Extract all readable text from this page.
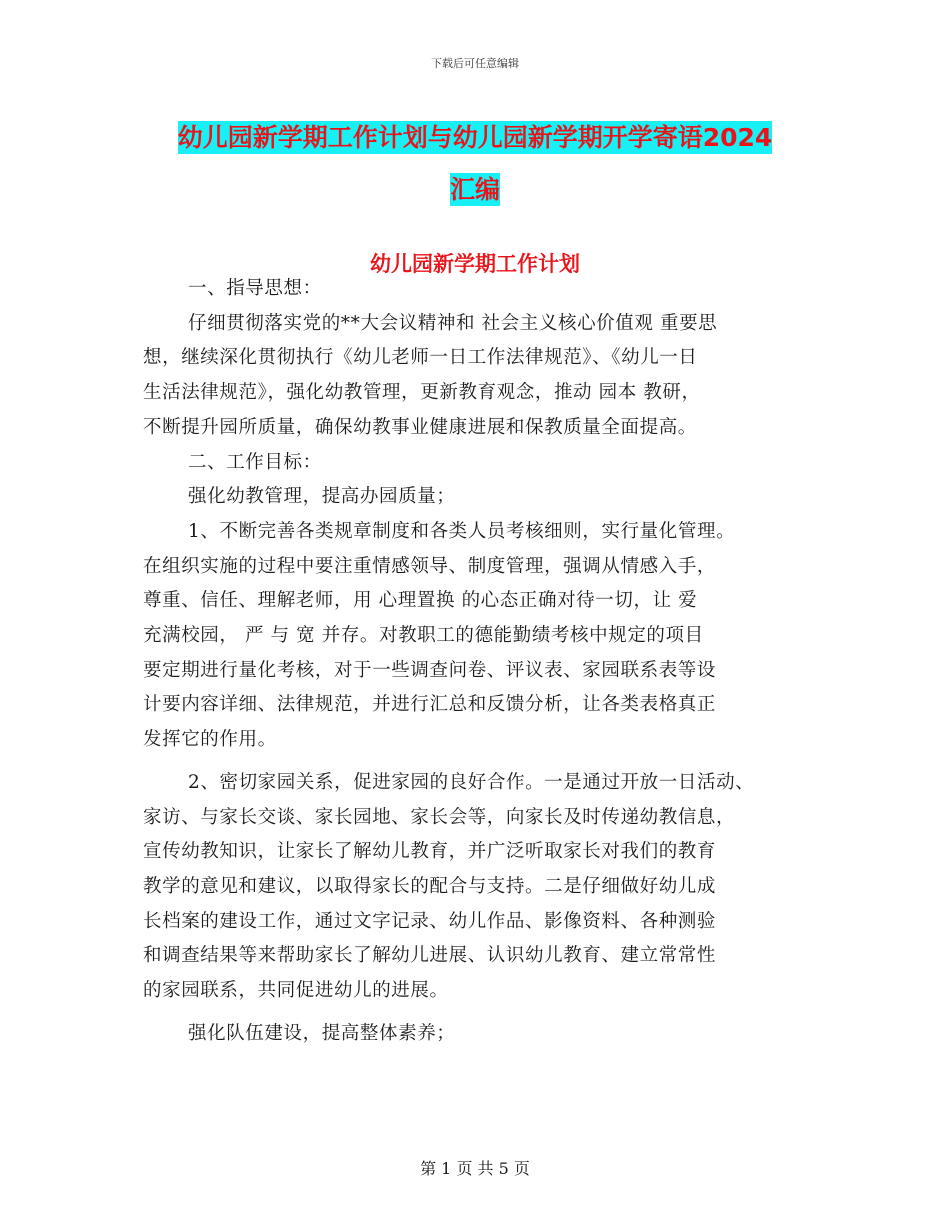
下载后可任意编辑
幼儿园新学期工作计划与幼儿园新学期开学寄语2024
汇编
幼儿园新学期工作计划
一、指导思想：
仔细贯彻落实党的**大会议精神和 社会主义核心价值观 重要思
想，继续深化贯彻执行《幼儿老师一日工作法律规范》、《幼儿一日
生活法律规范》，强化幼教管理，更新教育观念，推动 园本 教研，
不断提升园所质量，确保幼教事业健康进展和保教质量全面提高。
二、工作目标：
强化幼教管理，提高办园质量；
1、不断完善各类规章制度和各类人员考核细则，实行量化管理。
在组织实施的过程中要注重情感领导、制度管理，强调从情感入手，
尊重、信任、理解老师，用 心理置换 的心态正确对待一切，让 爱
充满校园， 严 与 宽 并存。对教职工的德能勤绩考核中规定的项目
要定期进行量化考核，对于一些调查问卷、评议表、家园联系表等设
计要内容详细、法律规范，并进行汇总和反馈分析，让各类表格真正
发挥它的作用。
2、密切家园关系，促进家园的良好合作。一是通过开放一日活动、
家访、与家长交谈、家长园地、家长会等，向家长及时传递幼教信息，
宣传幼教知识，让家长了解幼儿教育，并广泛听取家长对我们的教育
教学的意见和建议，以取得家长的配合与支持。二是仔细做好幼儿成
长档案的建设工作，通过文字记录、幼儿作品、影像资料、各种测验
和调查结果等来帮助家长了解幼儿进展、认识幼儿教育、建立常常性
的家园联系，共同促进幼儿的进展。
强化队伍建设，提高整体素养；
第 1 页 共 5 页
